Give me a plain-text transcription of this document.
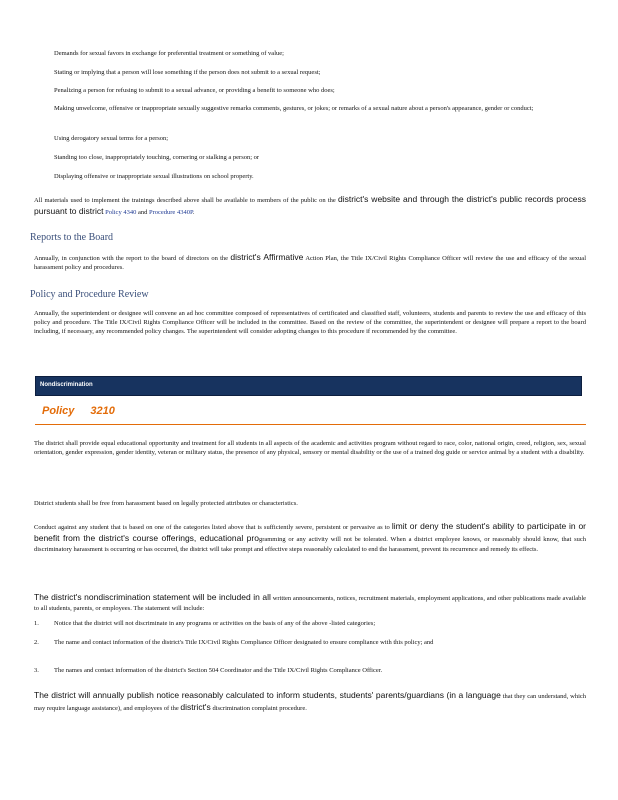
Demands for sexual favors in exchange for preferential treatment or something of value;
Stating or implying that a person will lose something if the person does not submit to a sexual request;
Penalizing a person for refusing to submit to a sexual advance, or providing a benefit to someone who does;
Making unwelcome, offensive or inappropriate sexually suggestive remarks comments, gestures, or jokes; or remarks of a sexual nature about a person's appearance, gender or conduct;
Using derogatory sexual terms for a person;
Standing too close, inappropriately touching, cornering or stalking a person; or
Displaying offensive or inappropriate sexual illustrations on school property.
All materials used to implement the trainings described above shall be available to members of the public on the district's website and through the district's public records process pursuant to district Policy 4340 and Procedure 4340P.
Reports to the Board
Annually, in conjunction with the report to the board of directors on the district's Affirmative Action Plan, the Title IX/Civil Rights Compliance Officer will review the use and efficacy of the sexual harassment policy and procedures.
Policy and Procedure Review
Annually, the superintendent or designee will convene an ad hoc committee composed of representatives of certificated and classified staff, volunteers, students and parents to review the use and efficacy of this policy and procedure. The Title IX/Civil Rights Compliance Officer will be included in the committee. Based on the review of the committee, the superintendent or designee will prepare a report to the board including, if necessary, any recommended policy changes. The superintendent will consider adopting changes to this procedure if recommended by the committee.
Nondiscrimination
Policy 3210
The district shall provide equal educational opportunity and treatment for all students in all aspects of the academic and activities program without regard to race, color, national origin, creed, religion, sex, sexual orientation, gender expression, gender identity, veteran or military status, the presence of any physical, sensory or mental disability or the use of a trained dog guide or service animal by a student with a disability.
District students shall be free from harassment based on legally protected attributes or characteristics.
Conduct against any student that is based on one of the categories listed above that is sufficiently severe, persistent or pervasive as to limit or deny the student's ability to participate in or benefit from the district's course offerings, educational programming or any activity will not be tolerated. When a district employee knows, or reasonably should know, that such discriminatory harassment is occurring or has occurred, the district will take prompt and effective steps reasonably calculated to end the harassment, prevent its recurrence and remedy its effects.
The district's nondiscrimination statement will be included in all written announcements, notices, recruitment materials, employment applications, and other publications made available to all students, parents, or employees. The statement will include:
1. Notice that the district will not discriminate in any programs or activities on the basis of any of the above -listed categories;
2. The name and contact information of the district's Title IX/Civil Rights Compliance Officer designated to ensure compliance with this policy; and
3. The names and contact information of the district's Section 504 Coordinator and the Title IX/Civil Rights Compliance Officer.
The district will annually publish notice reasonably calculated to inform students, students' parents/guardians (in a language that they can understand, which may require language assistance), and employees of the district's discrimination complaint procedure.
